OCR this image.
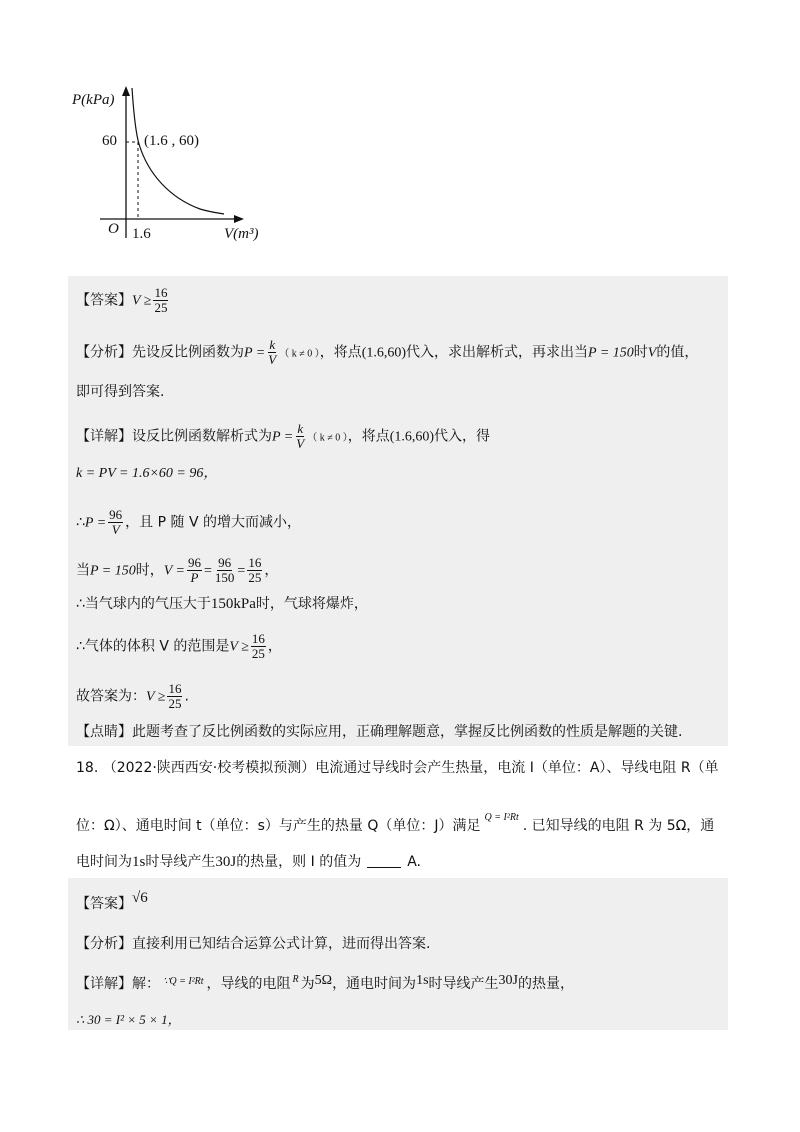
P(kPa)
60 (1.6 , 60)
O 1.6	V(m³)
【答案】$V \ge \frac{16}{25}$
【分析】先设反比例函数为$P = \frac{k}{V}$ （ k ≠ 0 ），将点(1.6,60)代入，求出解析式，再求出当P = 150时V的值，
即可得到答案.
【详解】设反比例函数解析式为$P = \frac{k}{V}$ （ k ≠ 0 ），将点(1.6,60)代入，得
k = PV = 1.6×60 = 96，
∴P = $\frac{96}{V}$ ，且 P 随 V 的增大而减小，
当P = 150时，$V = \frac{96}{P} = \frac{96}{150} = \frac{16}{25}$ ，
∴当气球内的气压大于150kPa时，气球将爆炸，
∴气体的体积 V 的范围是$V \ge \frac{16}{25}$ ，
故答案为：$V \ge \frac{16}{25}$ .
【点睛】此题考查了反比例函数的实际应用，正确理解题意，掌握反比例函数的性质是解题的关键.
18. （2022·陕西西安·校考模拟预测）电流通过导线时会产生热量，电流 I（单位：A）、导线电阻 R（单
位：Ω）、通电时间 t（单位：s）与产生的热量 Q（单位：J）满足$^{Q = I^2Rt}$. 已知导线的电阻 R 为 5Ω，通
电时间为1s时导线产生30J的热量，则 I 的值为	A.
【答案】√6
【分析】直接利用已知结合运算公式计算，进而得出答案.
【详解】解： $^{\because Q = I^2Rt}$ ，导线的电阻 $^R$ 为5Ω，通电时间为1s时导线产生30J的热量，
∴ 30 = I² × 5 × 1，
